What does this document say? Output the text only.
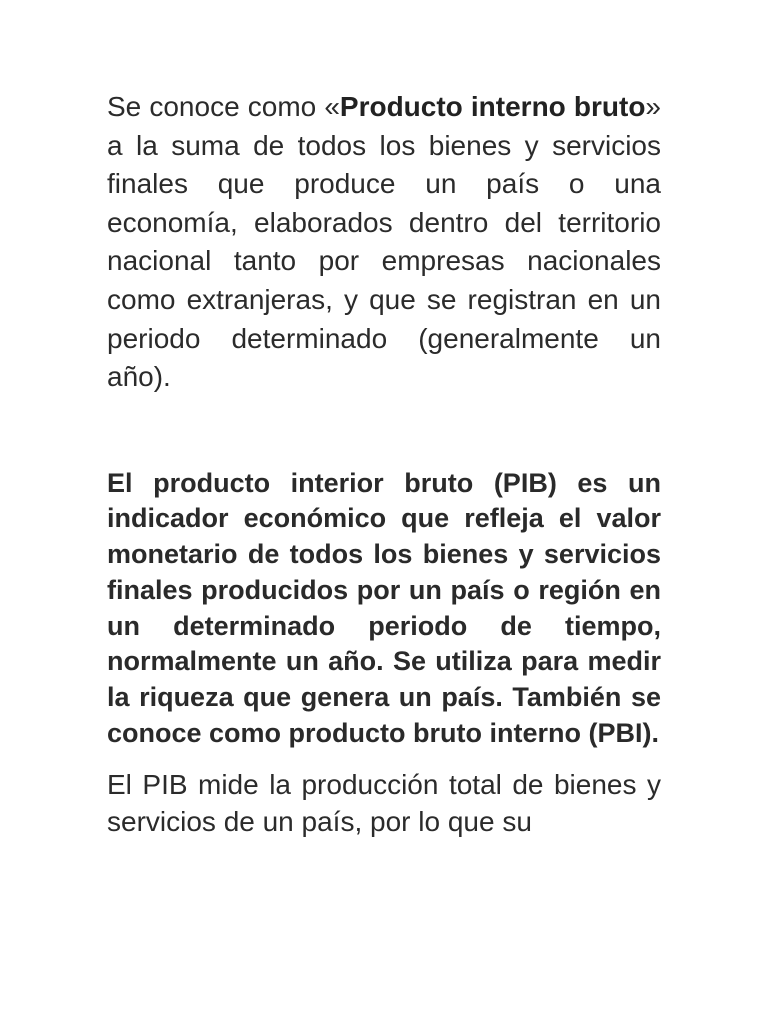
Se conoce como «Producto interno bruto» a la suma de todos los bienes y servicios finales que produce un país o una economía, elaborados dentro del territorio nacional tanto por empresas nacionales como extranjeras, y que se registran en un periodo determinado (generalmente un año).

El producto interior bruto (PIB) es un indicador económico que refleja el valor monetario de todos los bienes y servicios finales producidos por un país o región en un determinado periodo de tiempo, normalmente un año. Se utiliza para medir la riqueza que genera un país. También se conoce como producto bruto interno (PBI).

El PIB mide la producción total de bienes y servicios de un país, por lo que su
